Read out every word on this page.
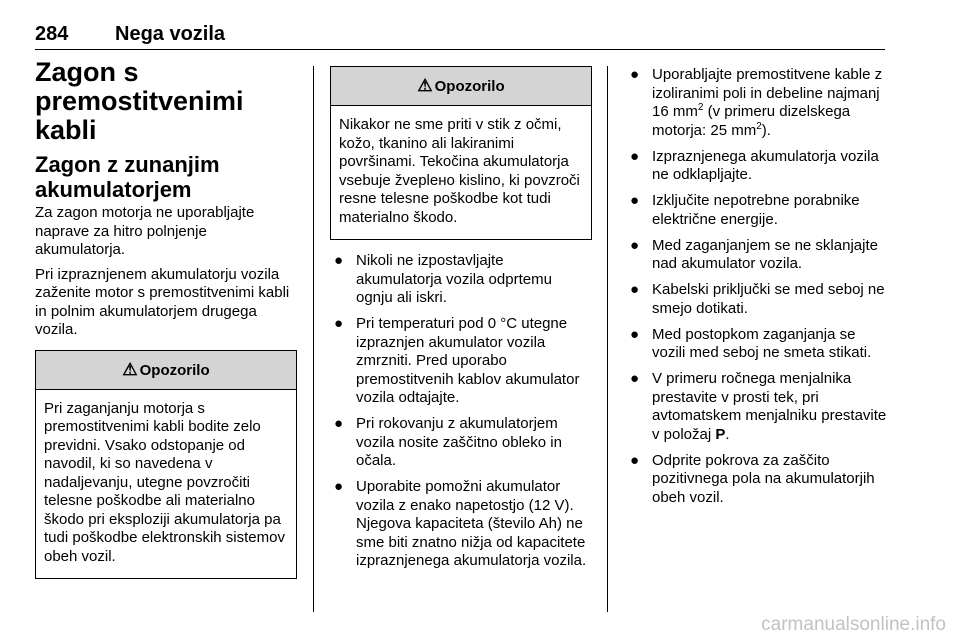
284 Nega vozila
Zagon s premostitvenimi kabli
Zagon z zunanjim akumulatorjem

Za zagon motorja ne uporabljajte naprave za hitro polnjenje akumulatorja.

Pri izpraznjenem akumulatorju vozila zaženite motor s premostitvenimi kabli in polnim akumulatorjem drugega vozila.

⚠ Opozorilo
Pri zaganjanju motorja s premostitvenimi kabli bodite zelo previdni. Vsako odstopanje od navodil, ki so navedena v nadaljevanju, utegne povzročiti telesne poškodbe ali materialno škodo pri eksploziji akumulatorja pa tudi poškodbe elektronskih sistemov obeh vozil.
⚠ Opozorilo
Nikakor ne sme priti v stik z očmi, kožo, tkanino ali lakiranimi površinami. Tekočina akumulatorja vsebuje žveplено kislino, ki povzroči resne telesne poškodbe kot tudi materialno škodo.
● Nikoli ne izpostavljajte akumulatorja vozila odprtemu ognju ali iskri.
● Pri temperaturi pod 0 °C utegne izpraznjen akumulator vozila zmrzniti. Pred uporabo premostitvenih kablov akumulator vozila odtajajte.
● Pri rokovanju z akumulatorjem vozila nosite zaščitno obleko in očala.
● Uporabite pomožni akumulator vozila z enako napetostjo (12 V). Njegova kapaciteta (število Ah) ne sme biti znatno nižja od kapacitete izpraznjenega akumulatorja vozila.
● Uporabljajte premostitvene kable z izoliranimi poli in debeline najmanj 16 $mm^2$ (v primeru dizelskega motorja: 25 $mm^2$).
● Izpraznjenega akumulatorja vozila ne odklapljajte.
● Izključite nepotrebne porabnike električne energije.
● Med zaganjanjem se ne sklanjajte nad akumulator vozila.
● Kabelski priključki se med seboj ne smejo dotikati.
● Med postopkom zaganjanja se vozili med seboj ne smeta stikati.
● V primeru ročnega menjalnika prestavite v prosti tek, pri avtomatskem menjalniku prestavite v položaj P.
● Odprite pokrova za zaščito pozitivnega pola na akumulatorjih obeh vozil.
carmanualsonline.info
